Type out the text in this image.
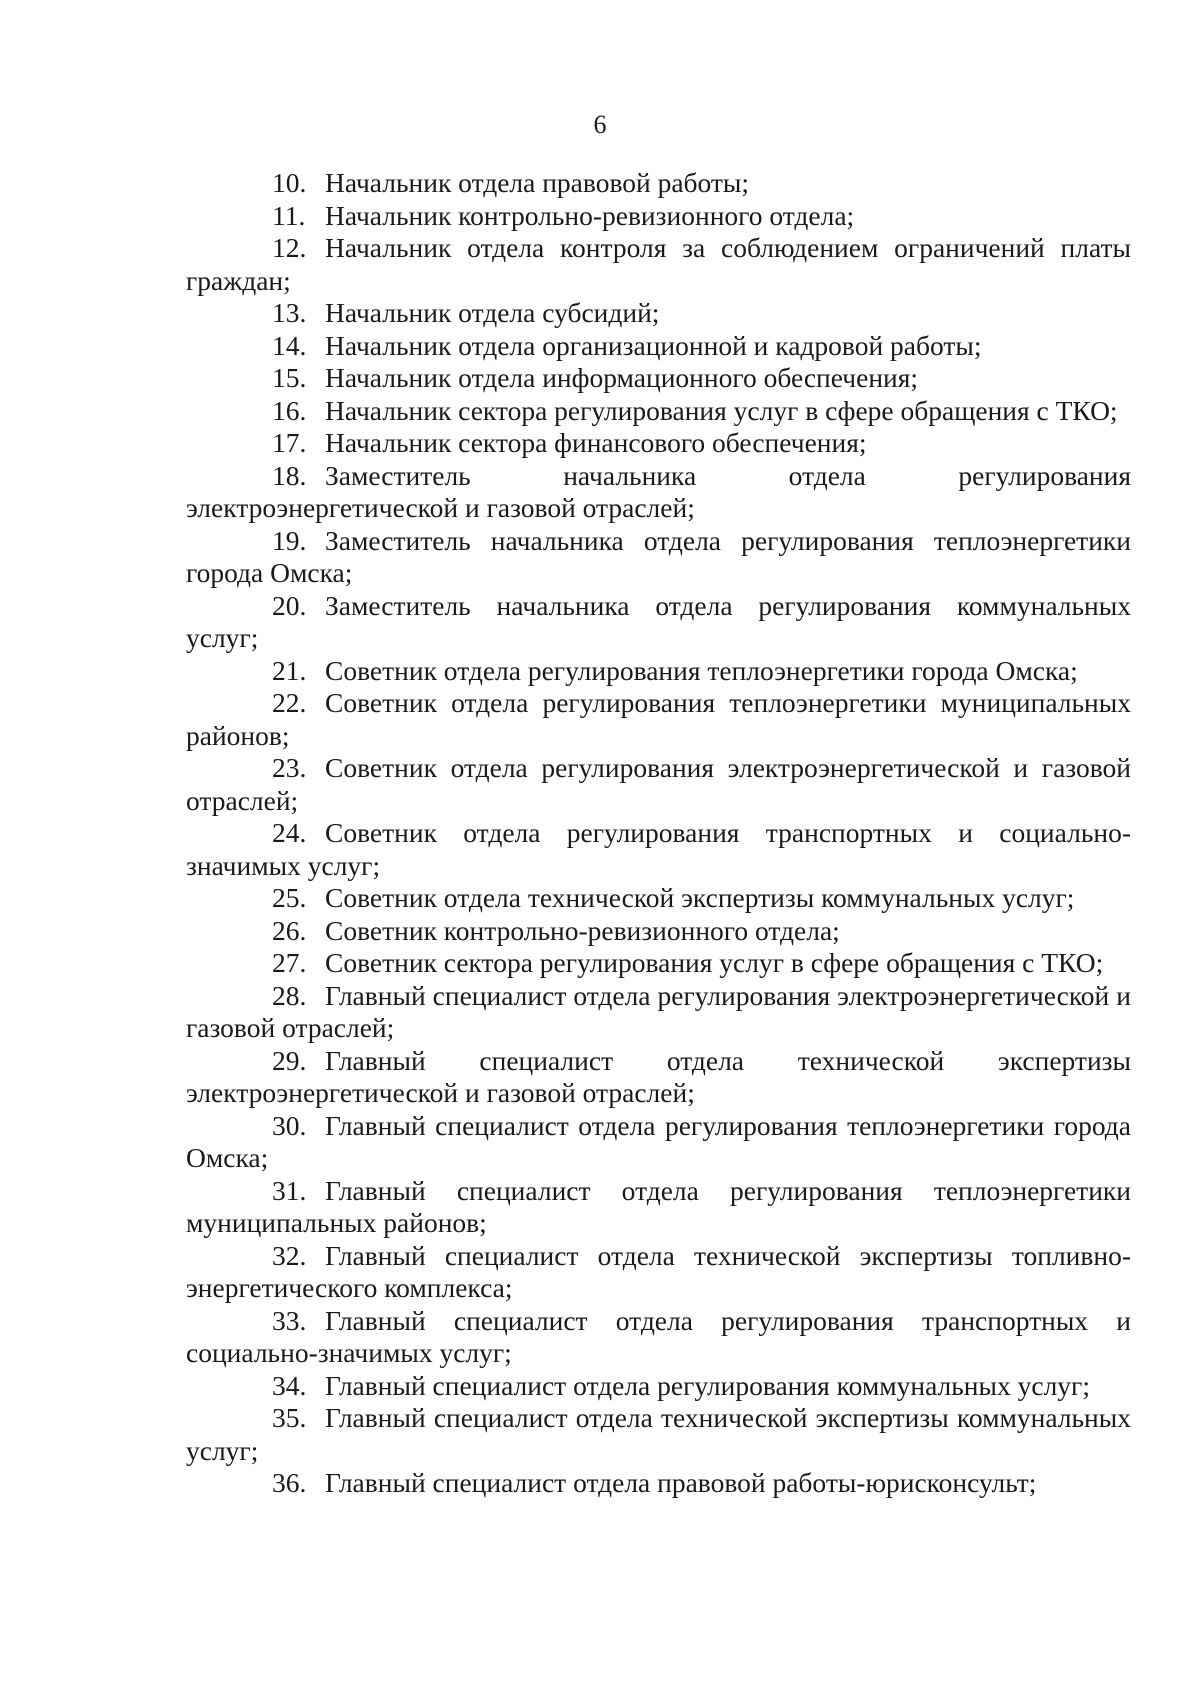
6

10. Начальник отдела правовой работы;

11. Начальник контрольно-ревизионного отдела;

12. Начальник отдела контроля за соблюдением ограничений платы граждан;

13. Начальник отдела субсидий;

14. Начальник отдела организационной и кадровой работы;

15. Начальник отдела информационного обеспечения;

16. Начальник сектора регулирования услуг в сфере обращения с ТКО;

17. Начальник сектора финансового обеспечения;

18. Заместитель начальника отдела регулирования электроэнергетической и газовой отраслей;

19. Заместитель начальника отдела регулирования теплоэнергетики города Омска;

20. Заместитель начальника отдела регулирования коммунальных услуг;

21. Советник отдела регулирования теплоэнергетики города Омска;

22. Советник отдела регулирования теплоэнергетики муниципальных районов;

23. Советник отдела регулирования электроэнергетической и газовой отраслей;

24. Советник отдела регулирования транспортных и социально-значимых услуг;

25. Советник отдела технической экспертизы коммунальных услуг;

26. Советник контрольно-ревизионного отдела;

27. Советник сектора регулирования услуг в сфере обращения с ТКО;

28. Главный специалист отдела регулирования электроэнергетической и газовой отраслей;

29. Главный специалист отдела технической экспертизы электроэнергетической и газовой отраслей;

30. Главный специалист отдела регулирования теплоэнергетики города Омска;

31. Главный специалист отдела регулирования теплоэнергетики муниципальных районов;

32. Главный специалист отдела технической экспертизы топливно-энергетического комплекса;

33. Главный специалист отдела регулирования транспортных и социально-значимых услуг;

34. Главный специалист отдела регулирования коммунальных услуг;

35. Главный специалист отдела технической экспертизы коммунальных услуг;

36. Главный специалист отдела правовой работы-юрисконсульт;
